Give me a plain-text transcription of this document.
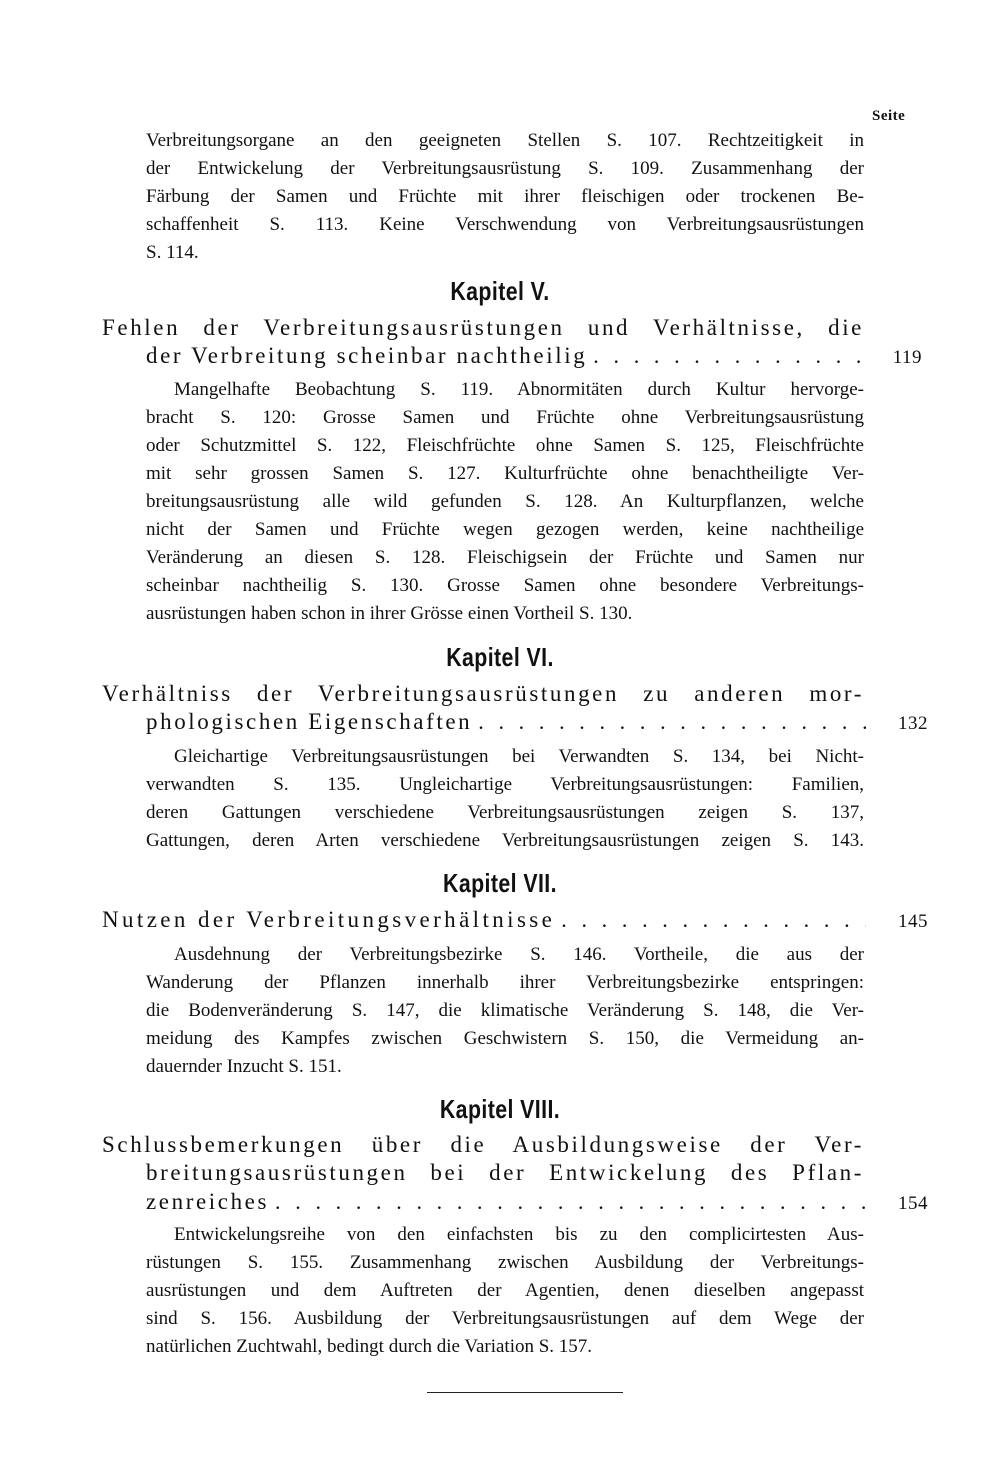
Seite
Verbreitungsorgane an den geeigneten Stellen S. 107. Rechtzeitigkeit in
der Entwickelung der Verbreitungsausrüstung S. 109. Zusammenhang der
Färbung der Samen und Früchte mit ihrer fleischigen oder trockenen Be-
schaffenheit S. 113. Keine Verschwendung von Verbreitungsausrüstungen
S. 114.
Kapitel V.
Fehlen der Verbreitungsausrüstungen und Verhältnisse, die
der Verbreitung scheinbar nachtheilig . . .	119
Mangelhafte Beobachtung S. 119. Abnormitäten durch Kultur hervorge-
bracht S. 120: Grosse Samen und Früchte ohne Verbreitungsausrüstung
oder Schutzmittel S. 122, Fleischfrüchte ohne Samen S. 125, Fleischfrüchte
mit sehr grossen Samen S. 127. Kulturfrüchte ohne benachtheiligte Ver-
breitungsausrüstung alle wild gefunden S. 128. An Kulturpflanzen, welche
nicht der Samen und Früchte wegen gezogen werden, keine nachtheilige
Veränderung an diesen S. 128. Fleischigsein der Früchte und Samen nur
scheinbar nachtheilig S. 130. Grosse Samen ohne besondere Verbreitungs-
ausrüstungen haben schon in ihrer Grösse einen Vortheil S. 130.
Kapitel VI.
Verhältniss der Verbreitungsausrüstungen zu anderen mor-
phologischen Eigenschaften . . .	132
Gleichartige Verbreitungsausrüstungen bei Verwandten S. 134, bei Nicht-
verwandten S. 135. Ungleichartige Verbreitungsausrüstungen: Familien,
deren Gattungen verschiedene Verbreitungsausrüstungen zeigen S. 137,
Gattungen, deren Arten verschiedene Verbreitungsausrüstungen zeigen S. 143.
Kapitel VII.
Nutzen der Verbreitungsverhältnisse . . .	145
Ausdehnung der Verbreitungsbezirke S. 146. Vortheile, die aus der
Wanderung der Pflanzen innerhalb ihrer Verbreitungsbezirke entspringen:
die Bodenveränderung S. 147, die klimatische Veränderung S. 148, die Ver-
meidung des Kampfes zwischen Geschwistern S. 150, die Vermeidung an-
dauernder Inzucht S. 151.
Kapitel VIII.
Schlussbemerkungen über die Ausbildungsweise der Ver-
breitungsausrüstungen bei der Entwickelung des Pflan-
zenreiches . . .	154
Entwickelungsreihe von den einfachsten bis zu den complicirtesten Aus-
rüstungen S. 155. Zusammenhang zwischen Ausbildung der Verbreitungs-
ausrüstungen und dem Auftreten der Agentien, denen dieselben angepasst
sind S. 156. Ausbildung der Verbreitungsausrüstungen auf dem Wege der
natürlichen Zuchtwahl, bedingt durch die Variation S. 157.
